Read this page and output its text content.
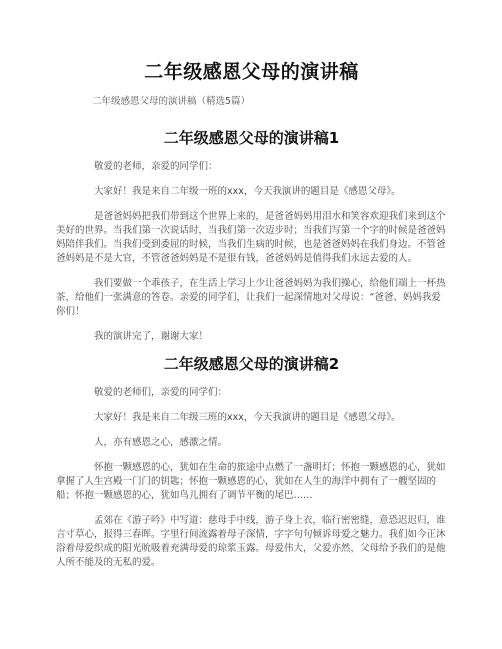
二年级感恩父母的演讲稿
二年级感恩父母的演讲稿（精选5篇）
二年级感恩父母的演讲稿1

敬爱的老师，亲爱的同学们：

大家好！我是来自二年级一班的xxx，今天我演讲的题目是《感恩父母》。

是爸爸妈妈把我们带到这个世界上来的，是爸爸妈妈用泪水和笑容欢迎我们来到这个美好的世界。当我们第一次说话时，当我们第一次迈步时；当我们写第一个字的时候是爸爸妈妈陪伴我们。当我们受到委屈的时候，当我们生病的时候，也是爸爸妈妈在我们身边。不管爸爸妈妈是不是大官，不管爸爸妈妈是不是很有钱，爸爸妈妈是值得我们永远去爱的人。

我们要做一个乖孩子，在生活上学习上少让爸爸妈妈为我们操心，给他们端上一杯热茶，给他们一张满意的答卷。亲爱的同学们，让我们一起深情地对父母说：“爸爸、妈妈我爱你们！

我的演讲完了，谢谢大家！

二年级感恩父母的演讲稿2

敬爱的老师们，亲爱的同学们：

大家好！我是来自二年级三班的xxx，今天我演讲的题目是《感恩父母》。

人，亦有感恩之心，感激之情。

怀抱一颗感恩的心，犹如在生命的旅途中点燃了一盏明灯；怀抱一颗感恩的心，犹如拿握了人生宫殿一门门的钥匙；怀抱一颗感恩的心，犹如在人生的海洋中拥有了一艘坚固的船；怀抱一颗感恩的心，犹如鸟儿拥有了调节平衡的尾巴……

孟郊在《游子吟》中写道：慈母手中线，游子身上衣，临行密密缝，意恐迟迟归，谁言寸草心，报得三春晖。字里行间流露着母子深情，字字句句倾诉母爱之魅力。我们如今正沐浴着母爱织成的阳光吮吸着充满母爱的琼浆玉露。母爱伟大，父爱亦然，父母给予我们的是他人所不能及的无私的爱。
